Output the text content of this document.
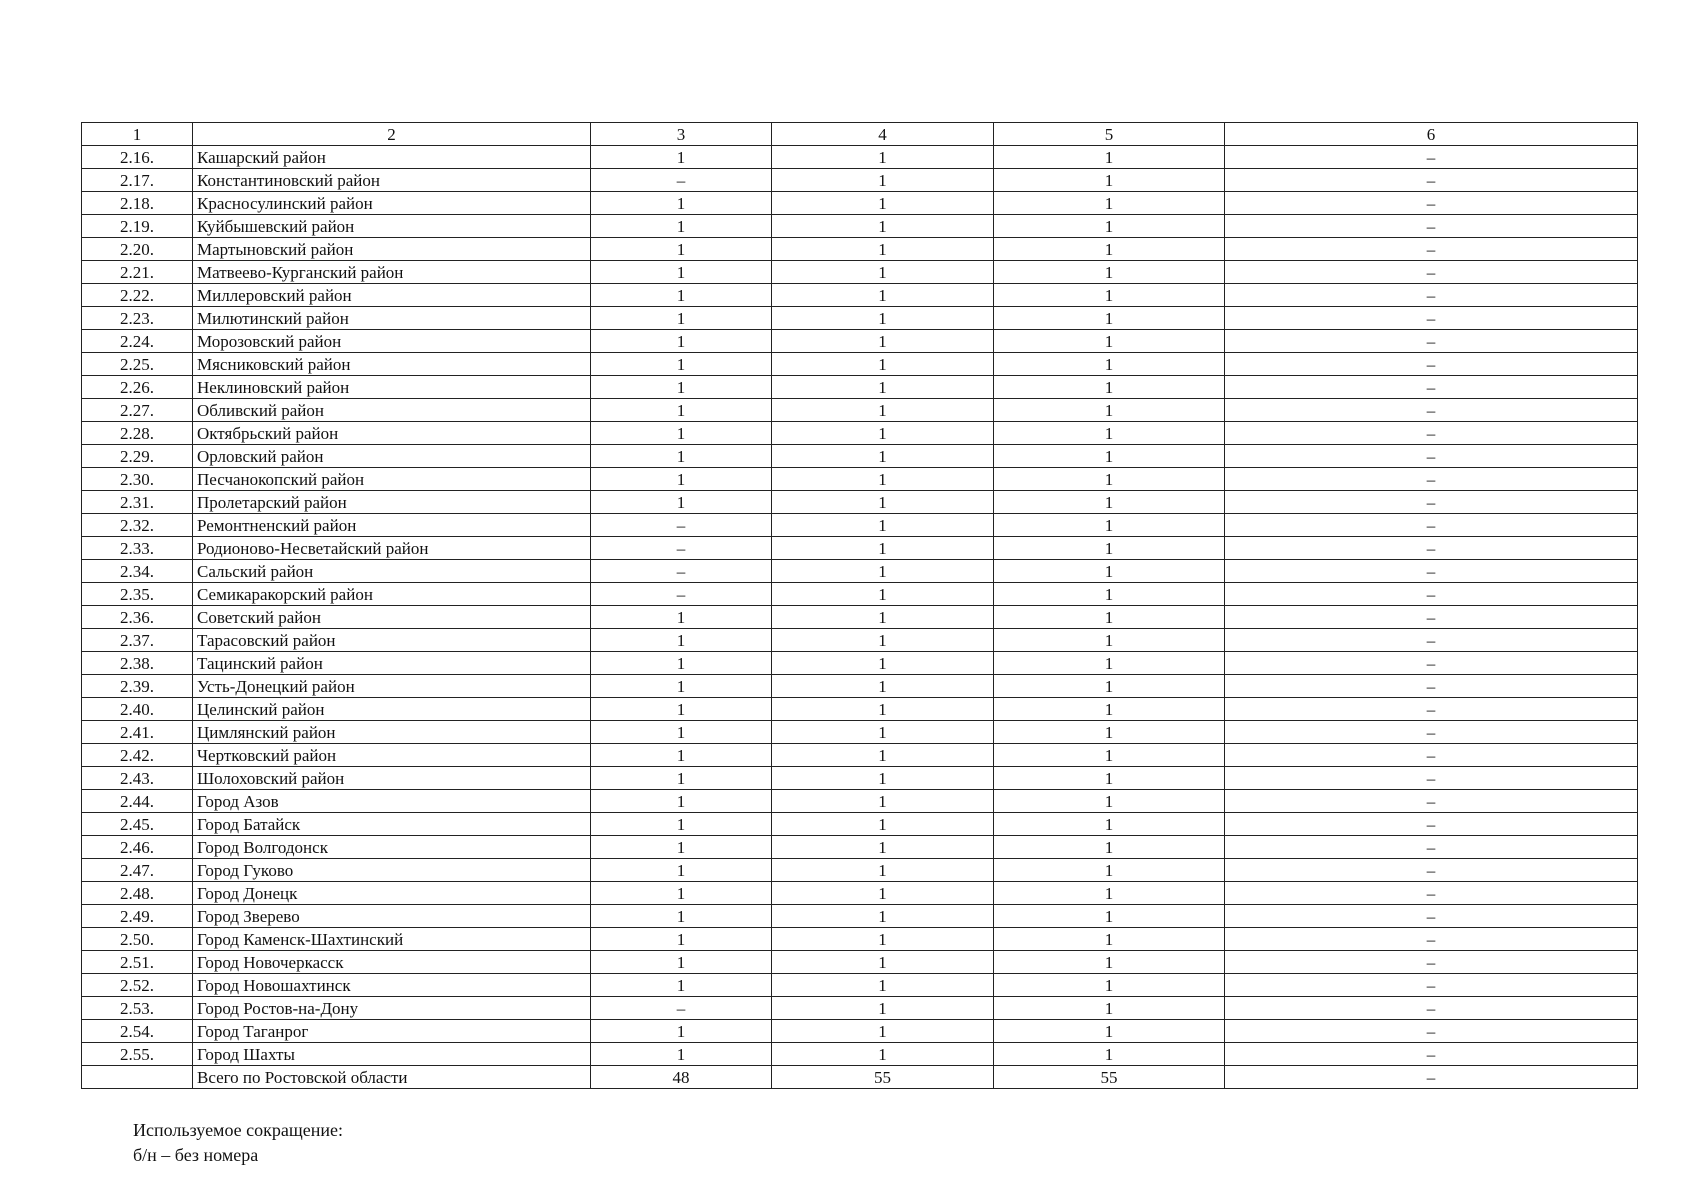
1	2	3	4	5	6
2.16.	Кашарский район	1	1	1	–
2.17.	Константиновский район	–	1	1	–
2.18.	Красносулинский район	1	1	1	–
2.19.	Куйбышевский район	1	1	1	–
2.20.	Мартыновский район	1	1	1	–
2.21.	Матвеево-Курганский район	1	1	1	–
2.22.	Миллеровский район	1	1	1	–
2.23.	Милютинский район	1	1	1	–
2.24.	Морозовский район	1	1	1	–
2.25.	Мясниковский район	1	1	1	–
2.26.	Неклиновский район	1	1	1	–
2.27.	Обливский район	1	1	1	–
2.28.	Октябрьский район	1	1	1	–
2.29.	Орловский район	1	1	1	–
2.30.	Песчанокопский район	1	1	1	–
2.31.	Пролетарский район	1	1	1	–
2.32.	Ремонтненский район	–	1	1	–
2.33.	Родионово-Несветайский район	–	1	1	–
2.34.	Сальский район	–	1	1	–
2.35.	Семикаракорский район	–	1	1	–
2.36.	Советский район	1	1	1	–
2.37.	Тарасовский район	1	1	1	–
2.38.	Тацинский район	1	1	1	–
2.39.	Усть-Донецкий район	1	1	1	–
2.40.	Целинский район	1	1	1	–
2.41.	Цимлянский район	1	1	1	–
2.42.	Чертковский район	1	1	1	–
2.43.	Шолоховский район	1	1	1	–
2.44.	Город Азов	1	1	1	–
2.45.	Город Батайск	1	1	1	–
2.46.	Город Волгодонск	1	1	1	–
2.47.	Город Гуково	1	1	1	–
2.48.	Город Донецк	1	1	1	–
2.49.	Город Зверево	1	1	1	–
2.50.	Город Каменск-Шахтинский	1	1	1	–
2.51.	Город Новочеркасск	1	1	1	–
2.52.	Город Новошахтинск	1	1	1	–
2.53.	Город Ростов-на-Дону	–	1	1	–
2.54.	Город Таганрог	1	1	1	–
2.55.	Город Шахты	1	1	1	–
	Всего по Ростовской области	48	55	55	–
Используемое сокращение:
б/н – без номера
